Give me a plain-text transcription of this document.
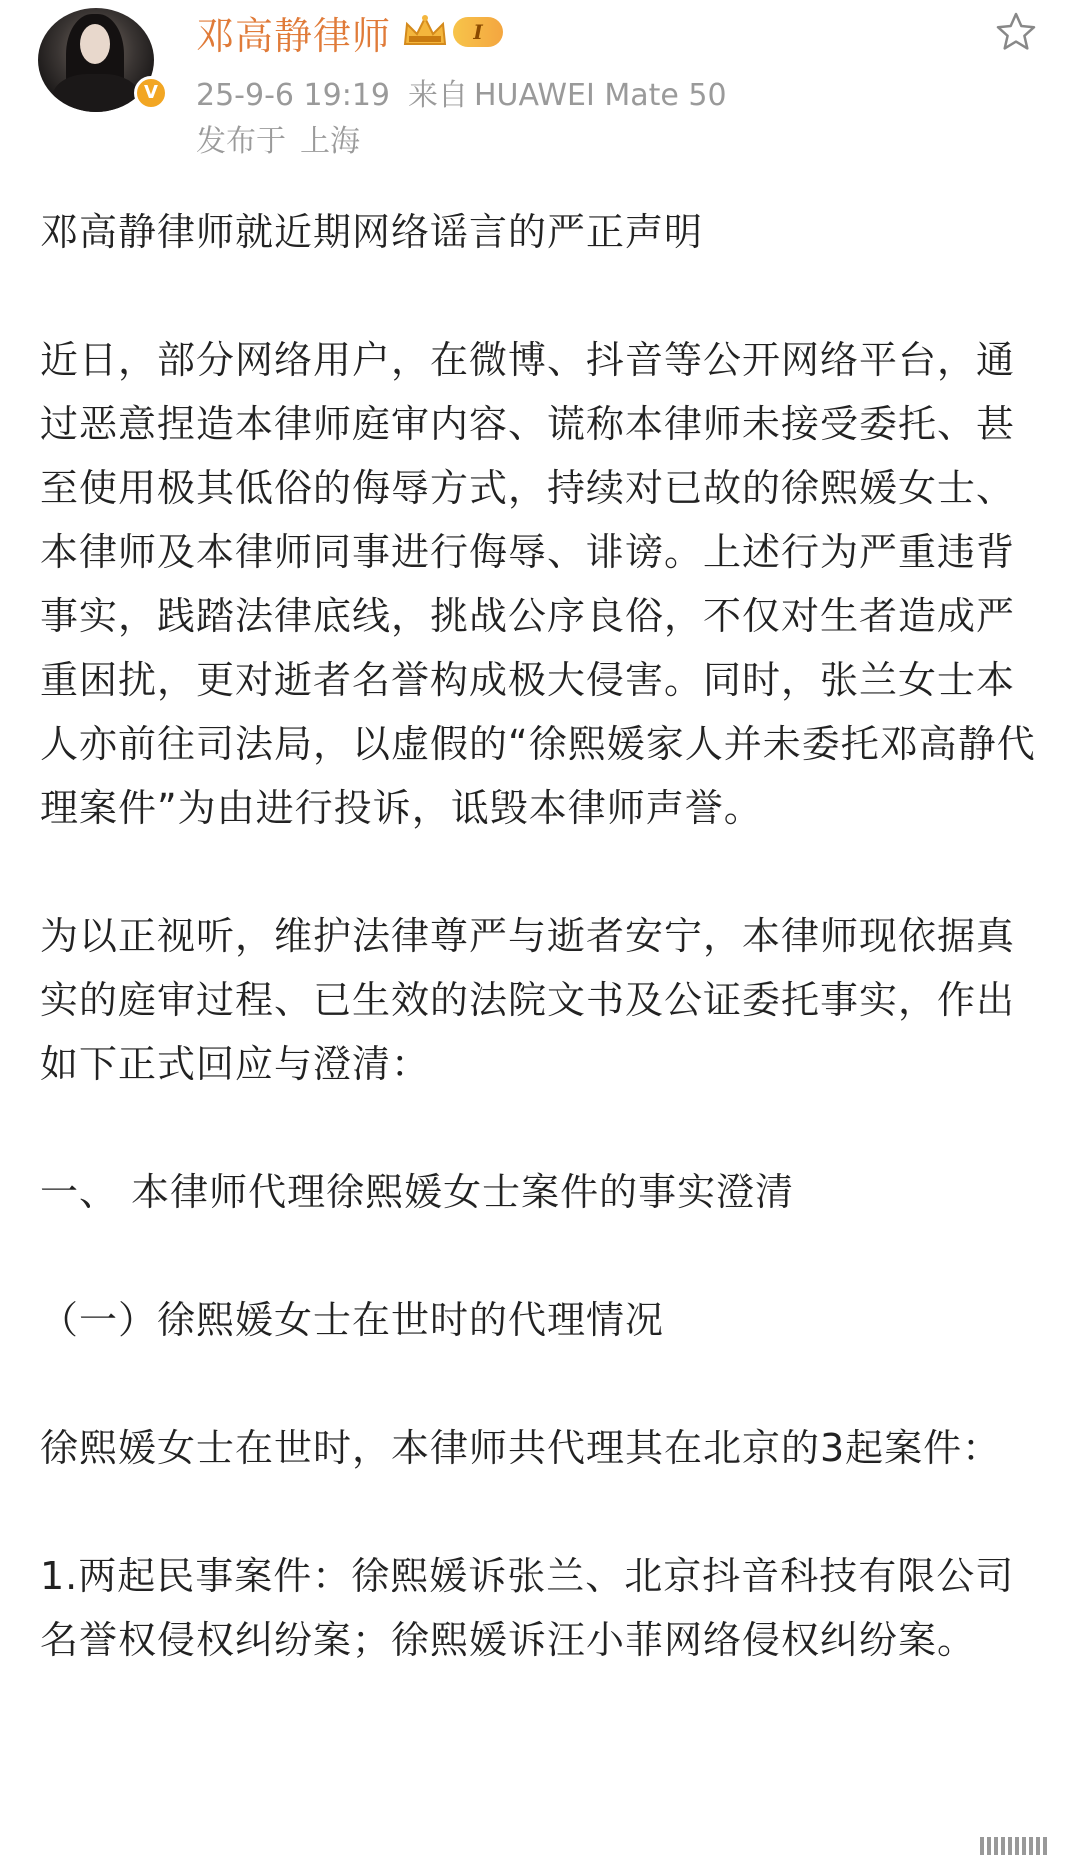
V
邓高静律师	I
25-9-6 19:19 来自 HUAWEI Mate 50
发布于 上海

邓高静律师就近期网络谣言的严正声明

近日，部分网络用户，在微博、抖音等公开网络平台，通过恶意捏造本律师庭审内容、谎称本律师未接受委托、甚至使用极其低俗的侮辱方式，持续对已故的徐熙媛女士、本律师及本律师同事进行侮辱、诽谤。上述行为严重违背事实，践踏法律底线，挑战公序良俗，不仅对生者造成严重困扰，更对逝者名誉构成极大侵害。同时，张兰女士本人亦前往司法局，以虚假的“徐熙媛家人并未委托邓高静代理案件”为由进行投诉，诋毁本律师声誉。

为以正视听，维护法律尊严与逝者安宁，本律师现依据真实的庭审过程、已生效的法院文书及公证委托事实，作出如下正式回应与澄清：

一、 本律师代理徐熙媛女士案件的事实澄清

（一）徐熙媛女士在世时的代理情况

徐熙媛女士在世时，本律师共代理其在北京的3起案件：

1.两起民事案件：徐熙媛诉张兰、北京抖音科技有限公司名誉权侵权纠纷案；徐熙媛诉汪小菲网络侵权纠纷案。
